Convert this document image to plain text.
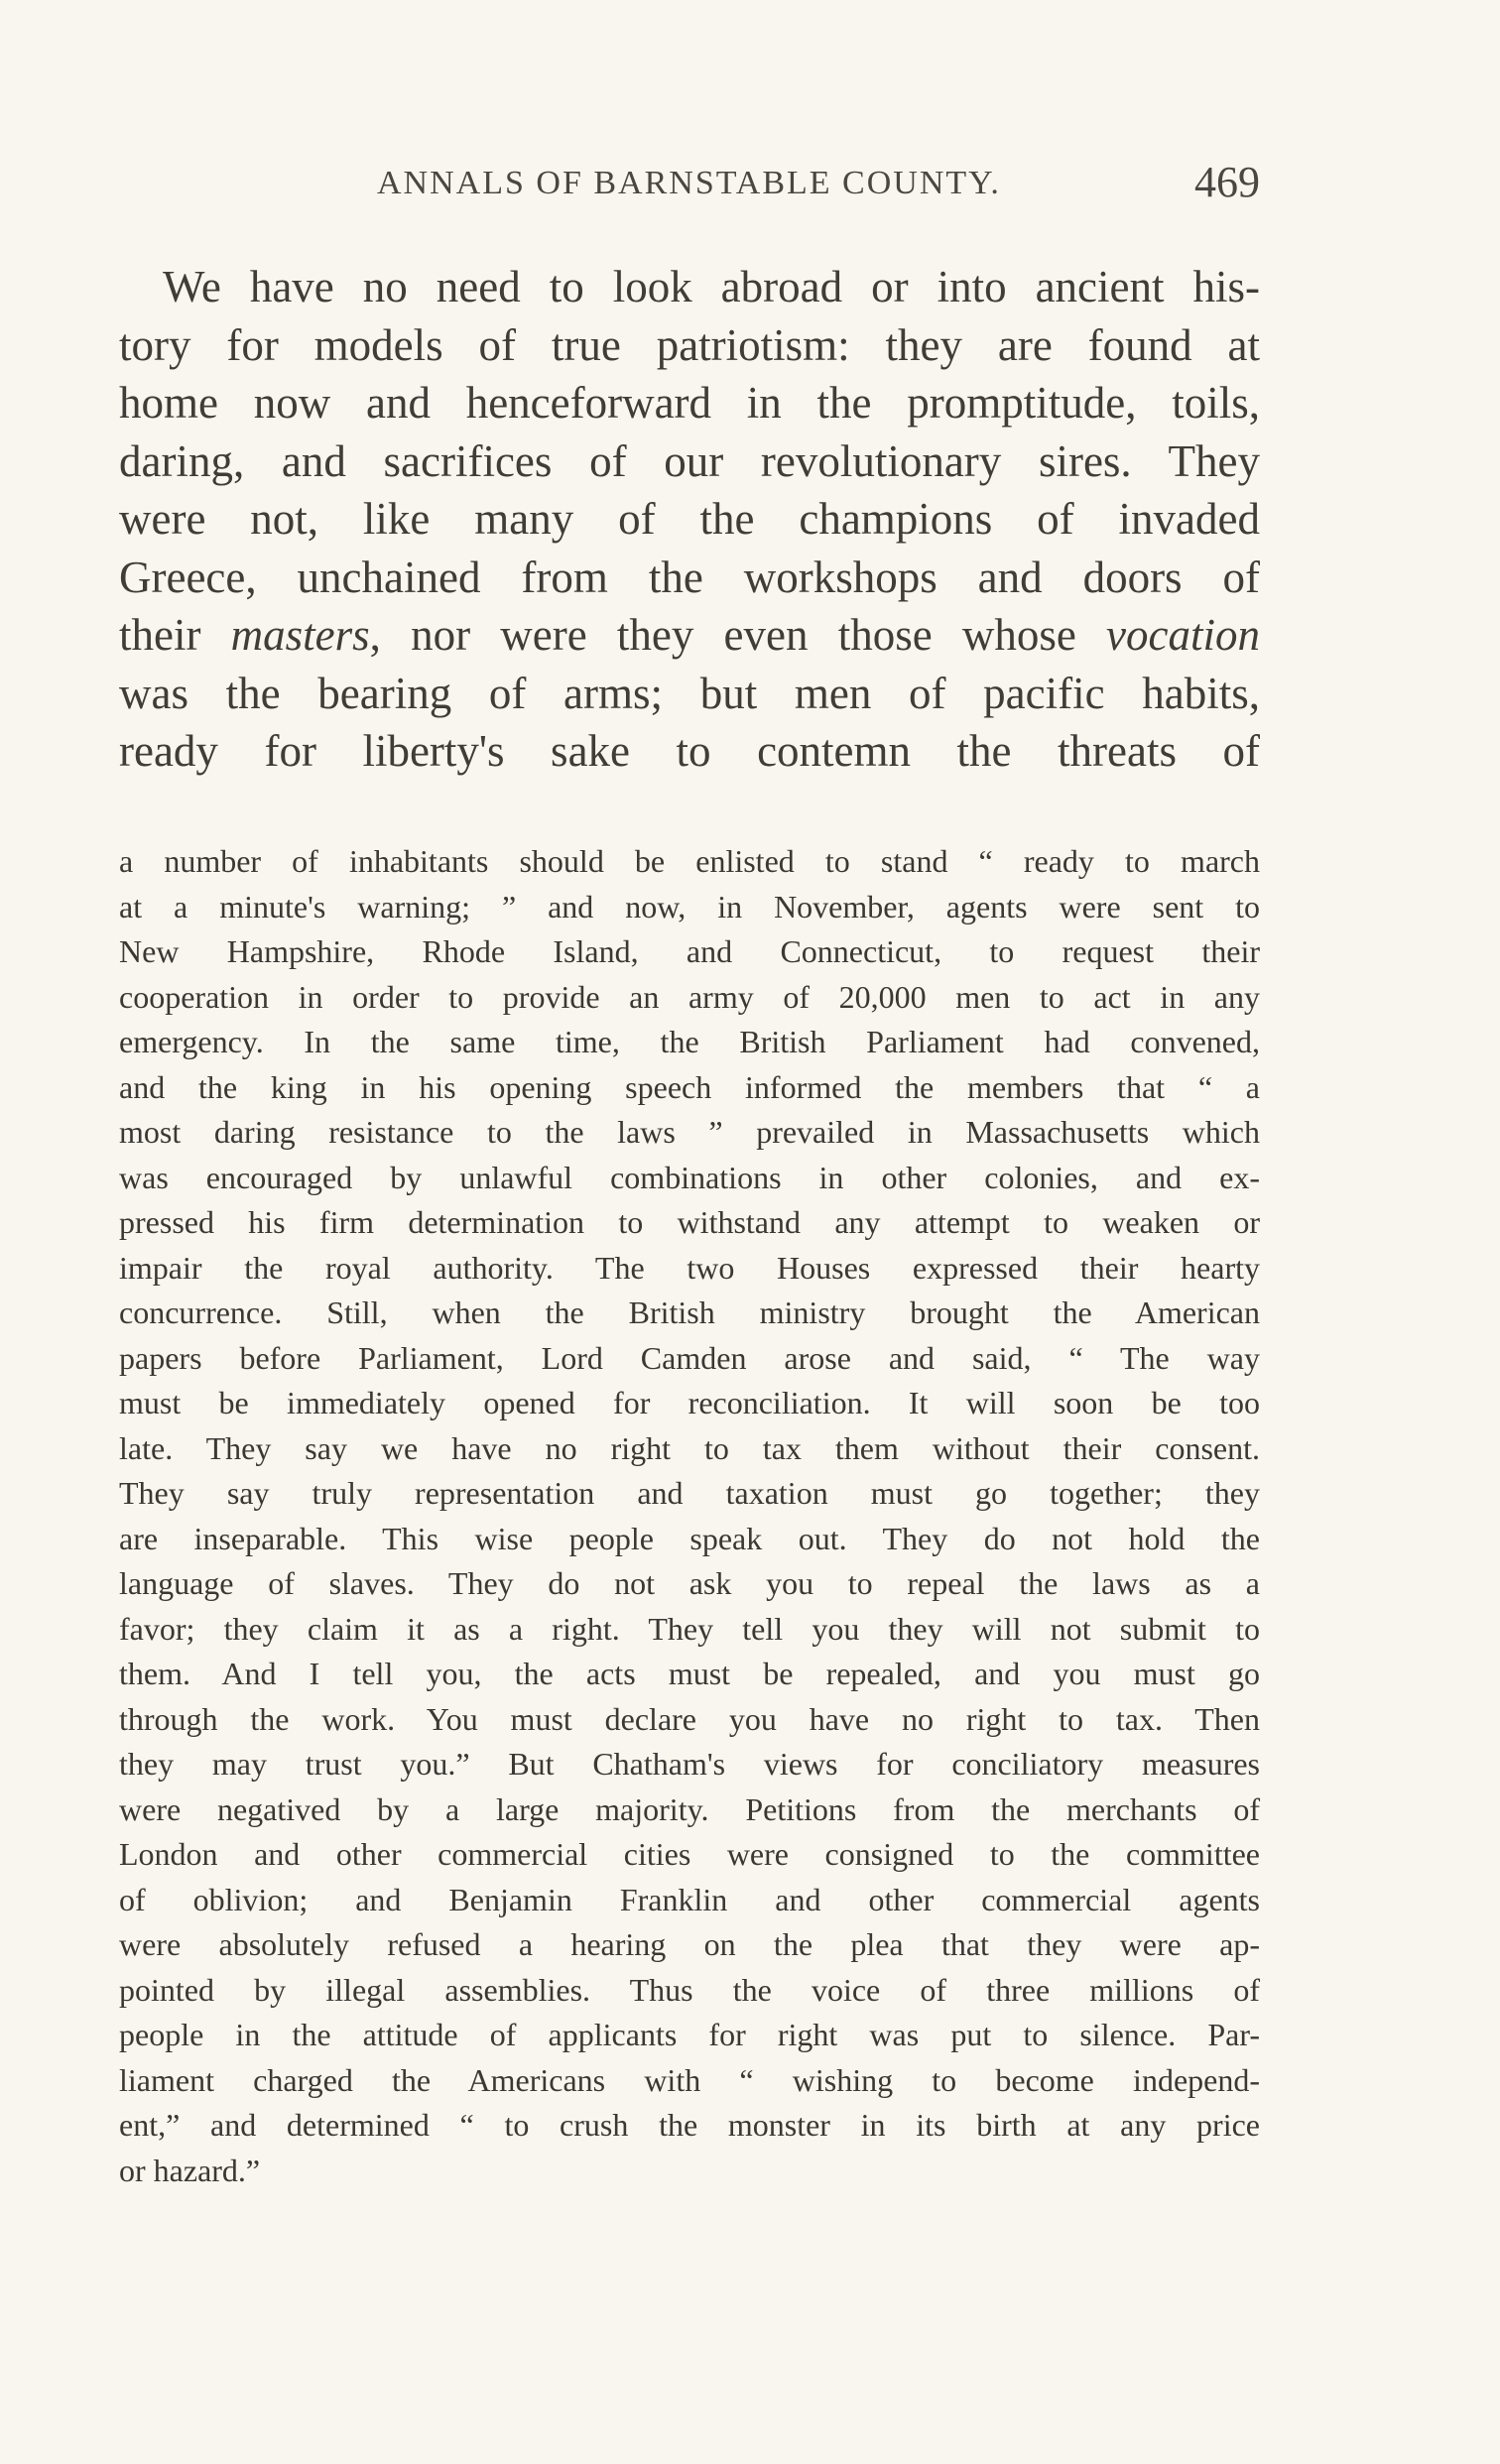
ANNALS OF BARNSTABLE COUNTY.	469
We have no need to look abroad or into ancient his-
tory for models of true patriotism: they are found at
home now and henceforward in the promptitude, toils,
daring, and sacrifices of our revolutionary sires. They
were not, like many of the champions of invaded
Greece, unchained from the workshops and doors of
their masters, nor were they even those whose vocation
was the bearing of arms; but men of pacific habits,
ready for liberty's sake to contemn the threats of
a number of inhabitants should be enlisted to stand “ ready to march
at a minute's warning; ” and now, in November, agents were sent to
New Hampshire, Rhode Island, and Connecticut, to request their
cooperation in order to provide an army of 20,000 men to act in any
emergency. In the same time, the British Parliament had convened,
and the king in his opening speech informed the members that “ a
most daring resistance to the laws ” prevailed in Massachusetts which
was encouraged by unlawful combinations in other colonies, and ex-
pressed his firm determination to withstand any attempt to weaken or
impair the royal authority. The two Houses expressed their hearty
concurrence. Still, when the British ministry brought the American
papers before Parliament, Lord Camden arose and said, “ The way
must be immediately opened for reconciliation. It will soon be too
late. They say we have no right to tax them without their consent.
They say truly representation and taxation must go together; they
are inseparable. This wise people speak out. They do not hold the
language of slaves. They do not ask you to repeal the laws as a
favor; they claim it as a right. They tell you they will not submit to
them. And I tell you, the acts must be repealed, and you must go
through the work. You must declare you have no right to tax. Then
they may trust you.” But Chatham's views for conciliatory measures
were negatived by a large majority. Petitions from the merchants of
London and other commercial cities were consigned to the committee
of oblivion; and Benjamin Franklin and other commercial agents
were absolutely refused a hearing on the plea that they were ap-
pointed by illegal assemblies. Thus the voice of three millions of
people in the attitude of applicants for right was put to silence. Par-
liament charged the Americans with “ wishing to become independ-
ent,” and determined “ to crush the monster in its birth at any price
or hazard.”
